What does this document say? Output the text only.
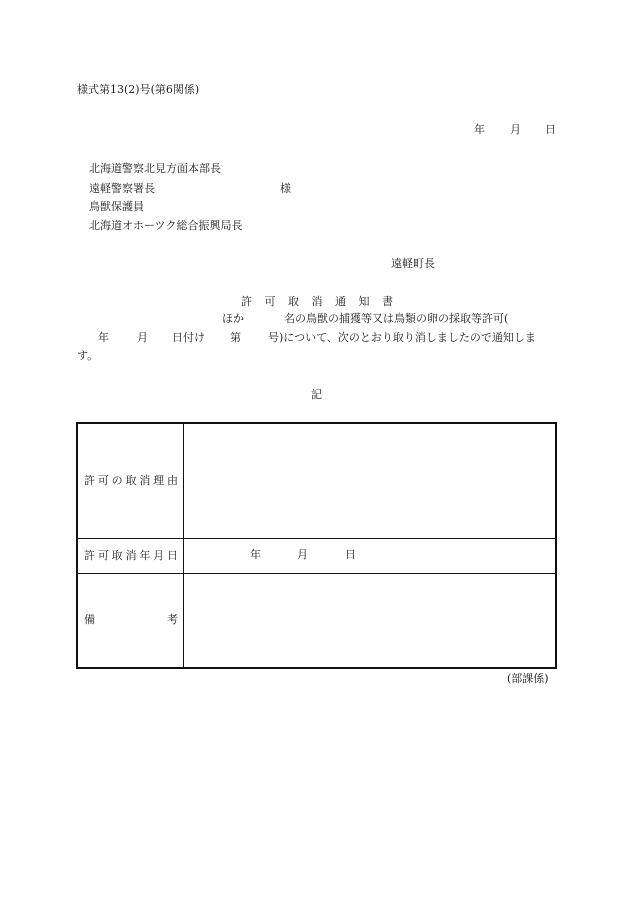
様式第13(2)号(第6関係)
年 月 日
北海道警察北見方面本部長
遠軽警察署長	様
鳥獣保護員
北海道オホーツク総合振興局長
遠軽町長
許 可 取 消 通 知 書
ほか	名の鳥獣の捕獲等又は鳥類の卵の採取等許可(
年	月 日付け 第 号)について、次のとおり取り消しましたので通知しま
す。
記
許 可 の 取 消 理 由
許 可 取 消 年 月 日	年	月	日
備	考
(部課係)
